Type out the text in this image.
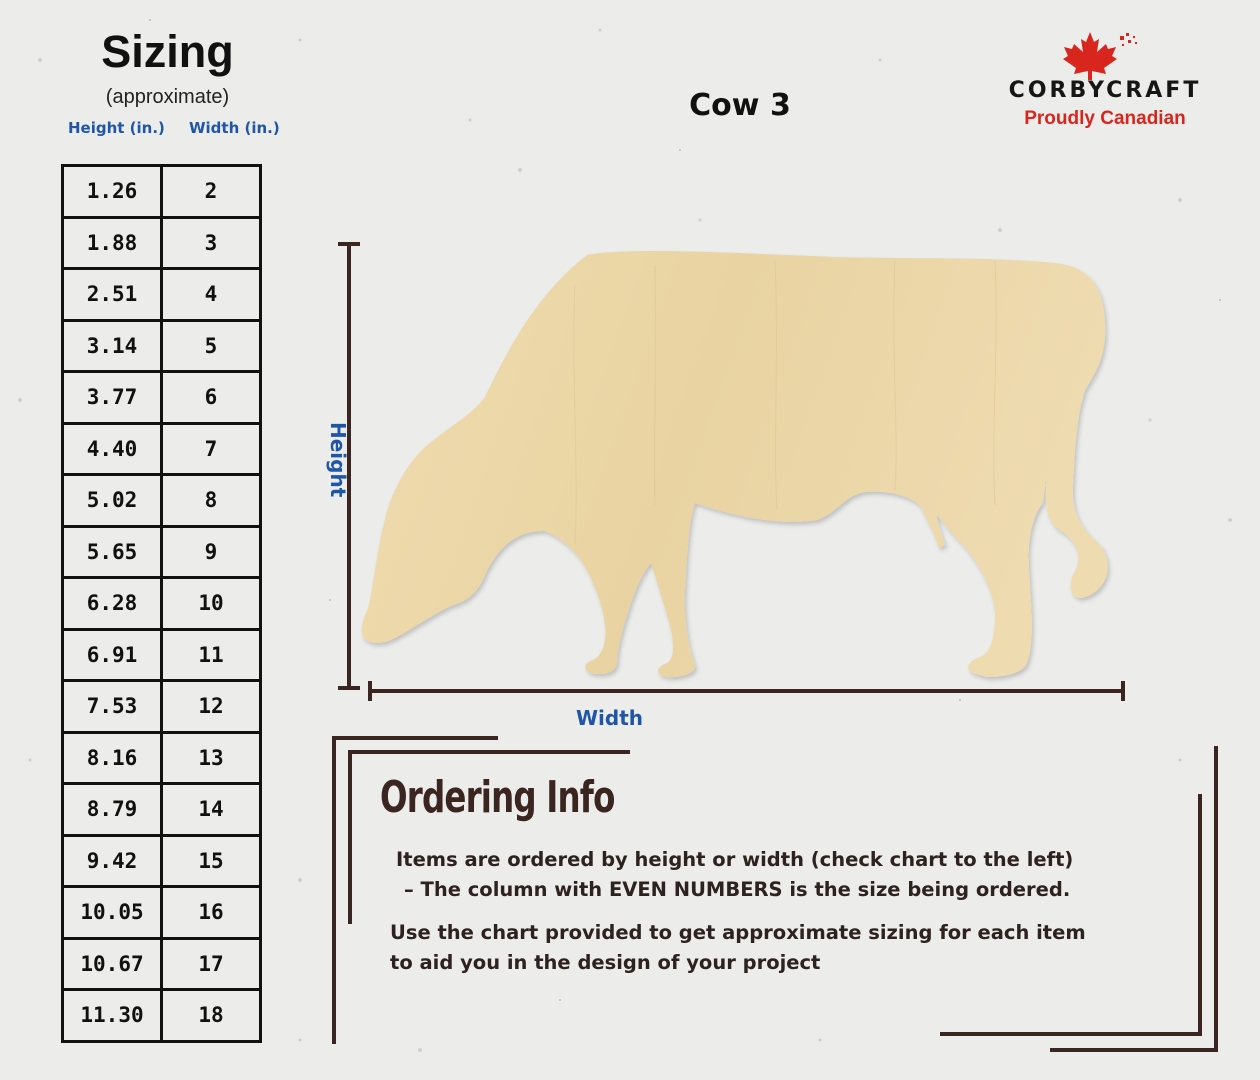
Sizing
(approximate)
Height (in.) Width (in.)
1.26	2
1.88	3
2.51	4
3.14	5
3.77	6
4.40	7
5.02	8
5.65	9
6.28	10
6.91	11
7.53	12
8.16	13
8.79	14
9.42	15
10.05	16
10.67	17
11.30	18
Cow 3	CORBYCRAFT
Proudly Canadian
Height
Width
Ordering Info
Items are ordered by height or width (check chart to the left)
– The column with EVEN NUMBERS is the size being ordered.
Use the chart provided to get approximate sizing for each item
to aid you in the design of your project
